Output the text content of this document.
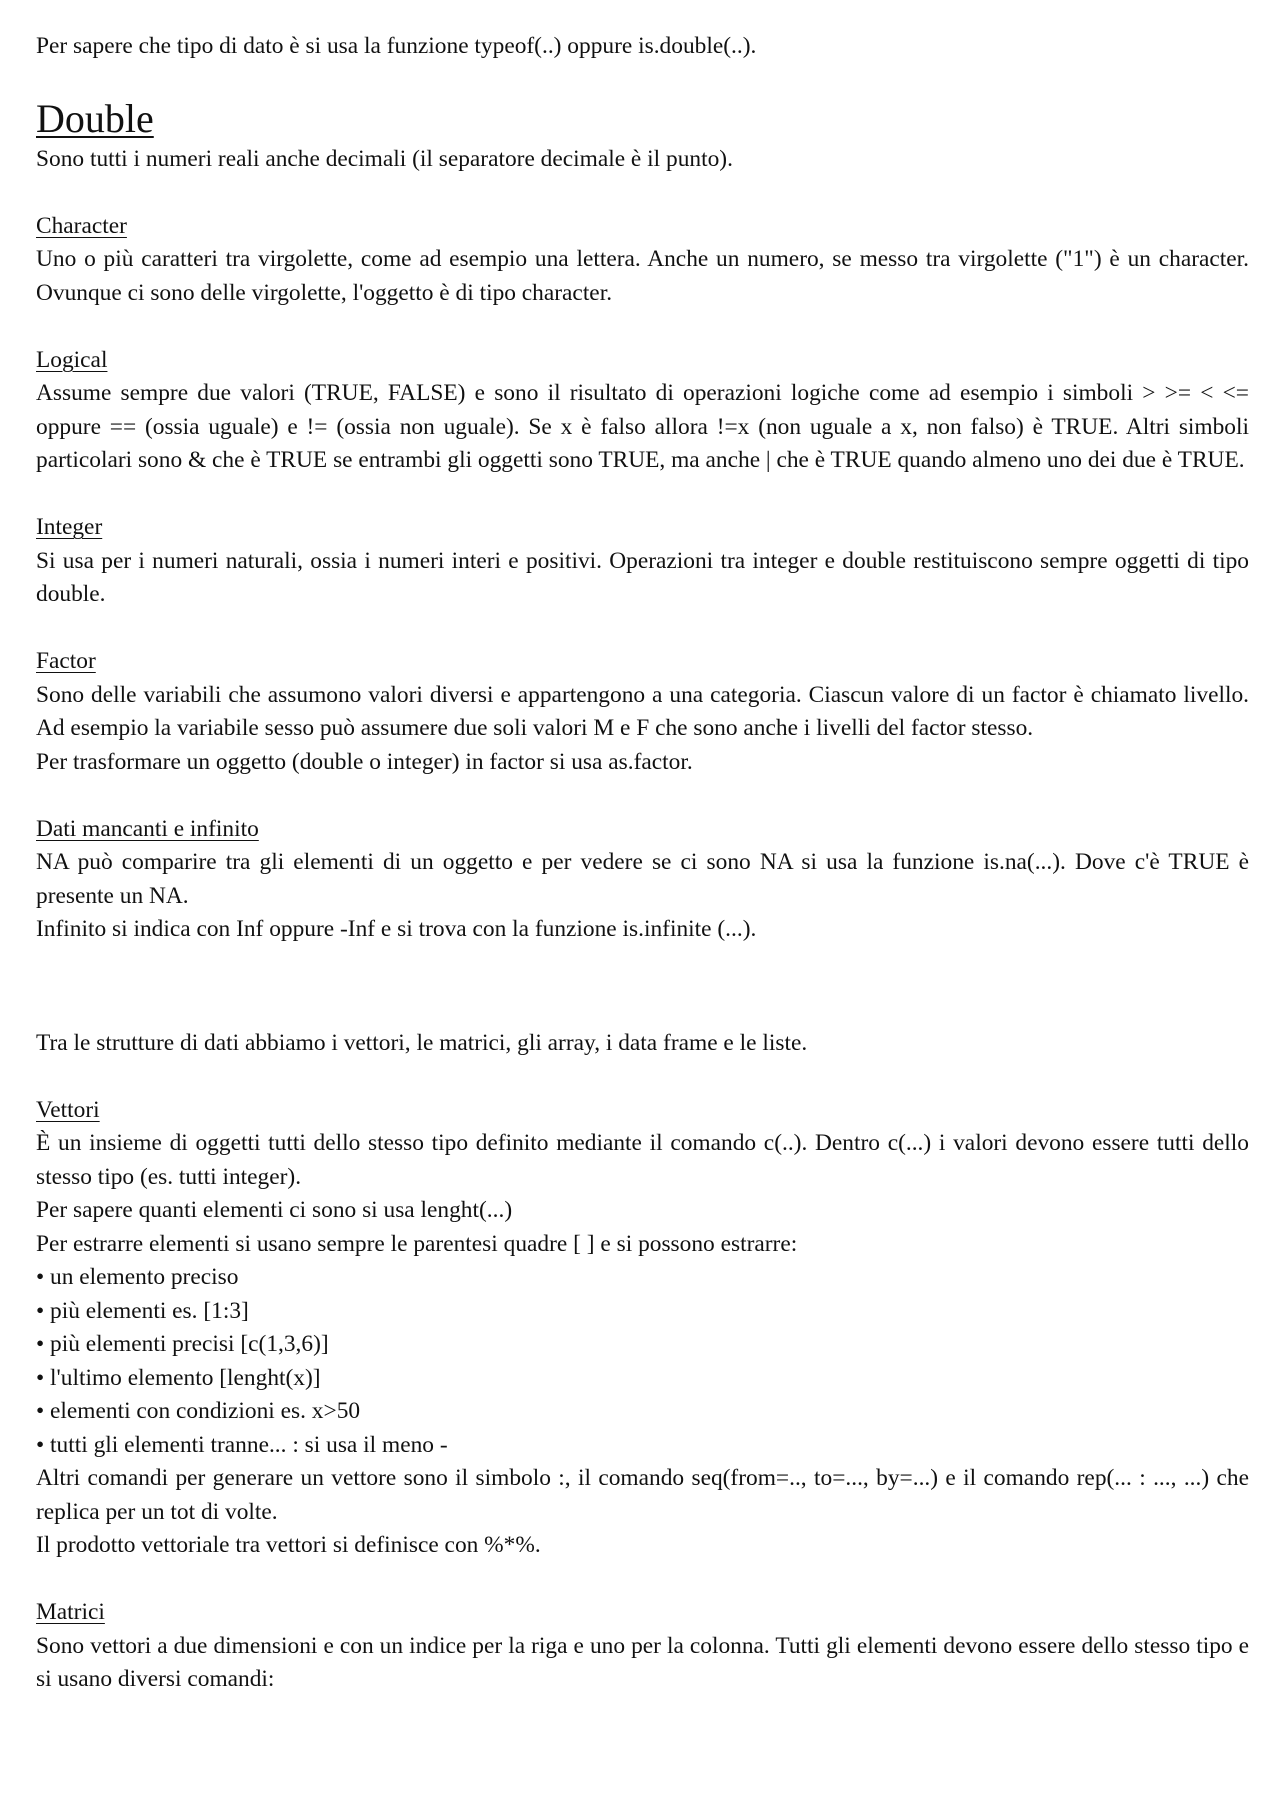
Per sapere che tipo di dato è si usa la funzione typeof(..) oppure is.double(..).

Double

Sono tutti i numeri reali anche decimali (il separatore decimale è il punto).

Character

Uno o più caratteri tra virgolette, come ad esempio una lettera. Anche un numero, se messo tra virgolette ("1") è un character. Ovunque ci sono delle virgolette, l'oggetto è di tipo character.

Logical

Assume sempre due valori (TRUE, FALSE) e sono il risultato di operazioni logiche come ad esempio i simboli > >= < <= oppure == (ossia uguale) e != (ossia non uguale). Se x è falso allora !=x (non uguale a x, non falso) è TRUE. Altri simboli particolari sono & che è TRUE se entrambi gli oggetti sono TRUE, ma anche | che è TRUE quando almeno uno dei due è TRUE.

Integer

Si usa per i numeri naturali, ossia i numeri interi e positivi. Operazioni tra integer e double restituiscono sempre oggetti di tipo double.

Factor

Sono delle variabili che assumono valori diversi e appartengono a una categoria. Ciascun valore di un factor è chiamato livello. Ad esempio la variabile sesso può assumere due soli valori M e F che sono anche i livelli del factor stesso.

Per trasformare un oggetto (double o integer) in factor si usa as.factor.

Dati mancanti e infinito

NA può comparire tra gli elementi di un oggetto e per vedere se ci sono NA si usa la funzione is.na(...). Dove c'è TRUE è presente un NA.

Infinito si indica con Inf oppure -Inf e si trova con la funzione is.infinite (...).

Tra le strutture di dati abbiamo i vettori, le matrici, gli array, i data frame e le liste.

Vettori

È un insieme di oggetti tutti dello stesso tipo definito mediante il comando c(..). Dentro c(...) i valori devono essere tutti dello stesso tipo (es. tutti integer).

Per sapere quanti elementi ci sono si usa lenght(...)

Per estrarre elementi si usano sempre le parentesi quadre [ ] e si possono estrarre:

• un elemento preciso

• più elementi es. [1:3]

• più elementi precisi [c(1,3,6)]

• l'ultimo elemento [lenght(x)]

• elementi con condizioni es. x>50

• tutti gli elementi tranne... : si usa il meno -

Altri comandi per generare un vettore sono il simbolo :, il comando seq(from=.., to=..., by=...) e il comando rep(... : ..., ...) che replica per un tot di volte.

Il prodotto vettoriale tra vettori si definisce con %*%.

Matrici

Sono vettori a due dimensioni e con un indice per la riga e uno per la colonna. Tutti gli elementi devono essere dello stesso tipo e si usano diversi comandi:
